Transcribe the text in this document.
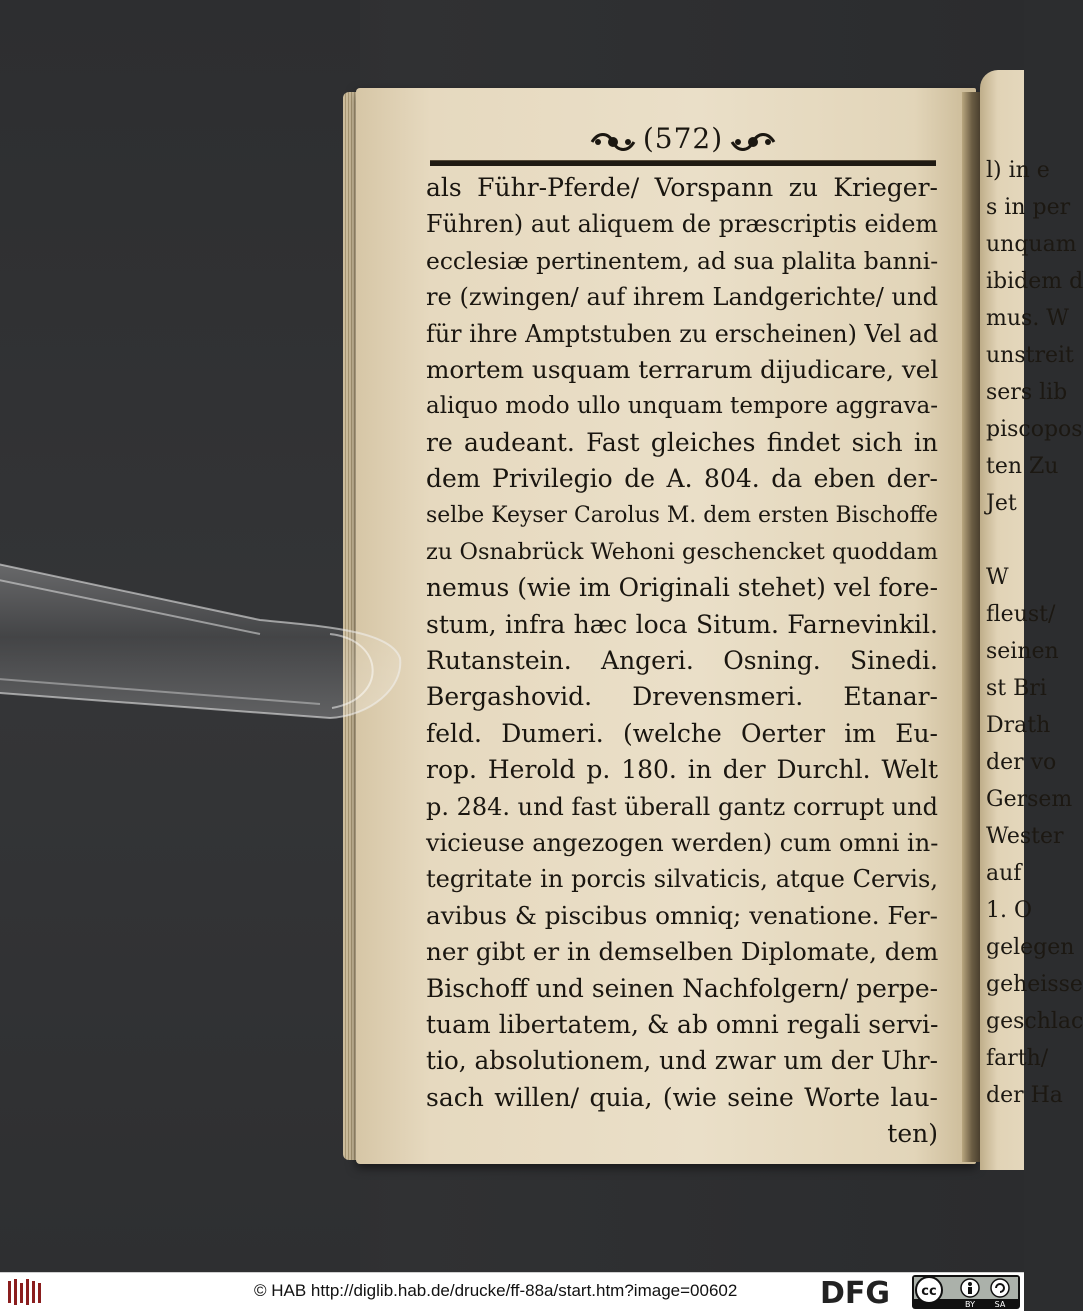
l) in e
s in per
unquam
ibidem d
mus. W
unstreit
sers lib
piscopos
ten Zu
Jet
W
fleust/
seinen
st Bri
Drath
der vo
Gersem
Wester
auf
1. O
gelegen
geheisse
geschlac
farth/
der Ha
(572)
als Führ-Pferde/ Vorspann zu Krieger-
Führen) aut aliquem de præscriptis eidem
ecclesiæ pertinentem, ad sua plalita banni-
re (zwingen/ auf ihrem Landgerichte/ und
für ihre Amptstuben zu erscheinen) Vel ad
mortem usquam terrarum dijudicare, vel
aliquo modo ullo unquam tempore aggrava-
re audeant. Fast gleiches findet sich in
dem Privilegio de A. 804. da eben der-
selbe Keyser Carolus M. dem ersten Bischoffe
zu Osnabrück Wehoni geschencket quoddam
nemus (wie im Originali stehet) vel fore-
stum, infra hæc loca Situm. Farnevinkil.
Rutanstein. Angeri. Osning. Sinedi.
Bergashovid. Drevensmeri. Etanar-
feld. Dumeri. (welche Oerter im Eu-
rop. Herold p. 180. in der Durchl. Welt
p. 284. und fast überall gantz corrupt und
vicieuse angezogen werden) cum omni in-
tegritate in porcis silvaticis, atque Cervis,
avibus & piscibus omniq; venatione. Fer-
ner gibt er in demselben Diplomate, dem
Bischoff und seinen Nachfolgern/ perpe-
tuam libertatem, & ab omni regali servi-
tio, absolutionem, und zwar um der Uhr-
sach willen/ quia, (wie seine Worte lau-
ten)
© HAB http://diglib.hab.de/drucke/ff-88a/start.htm?image=00602	DFG cc
BY SA
